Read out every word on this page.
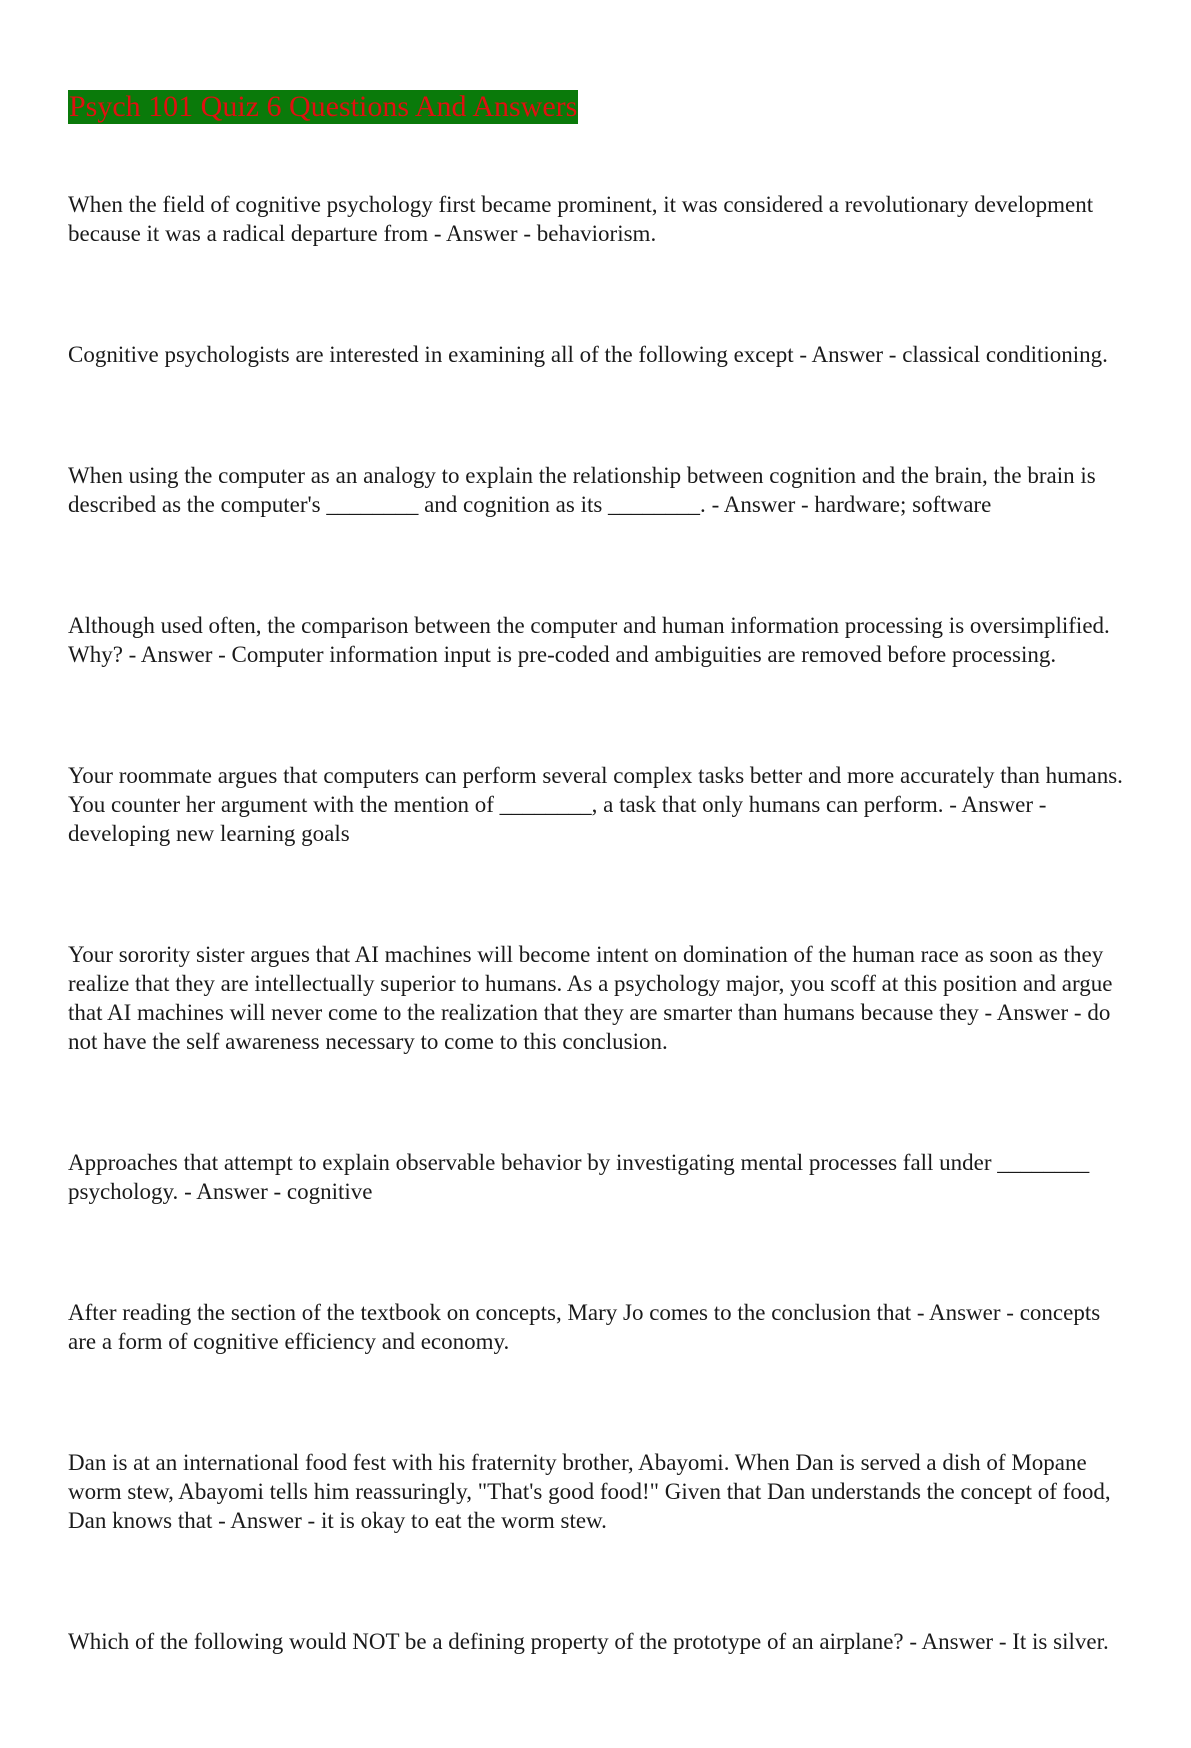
Psych 101 Quiz 6 Questions And Answers

When the field of cognitive psychology first became prominent, it was considered a revolutionary development because it was a radical departure from - Answer - behaviorism.

Cognitive psychologists are interested in examining all of the following except - Answer - classical conditioning.

When using the computer as an analogy to explain the relationship between cognition and the brain, the brain is described as the computer's ________ and cognition as its ________. - Answer - hardware; software

Although used often, the comparison between the computer and human information processing is oversimplified. Why? - Answer - Computer information input is pre-coded and ambiguities are removed before processing.

Your roommate argues that computers can perform several complex tasks better and more accurately than humans. You counter her argument with the mention of ________, a task that only humans can perform. - Answer - developing new learning goals

Your sorority sister argues that AI machines will become intent on domination of the human race as soon as they realize that they are intellectually superior to humans. As a psychology major, you scoff at this position and argue that AI machines will never come to the realization that they are smarter than humans because they - Answer - do not have the self awareness necessary to come to this conclusion.

Approaches that attempt to explain observable behavior by investigating mental processes fall under ________ psychology. - Answer - cognitive

After reading the section of the textbook on concepts, Mary Jo comes to the conclusion that - Answer - concepts are a form of cognitive efficiency and economy.

Dan is at an international food fest with his fraternity brother, Abayomi. When Dan is served a dish of Mopane worm stew, Abayomi tells him reassuringly, "That's good food!" Given that Dan understands the concept of food, Dan knows that - Answer - it is okay to eat the worm stew.

Which of the following would NOT be a defining property of the prototype of an airplane? - Answer - It is silver.
